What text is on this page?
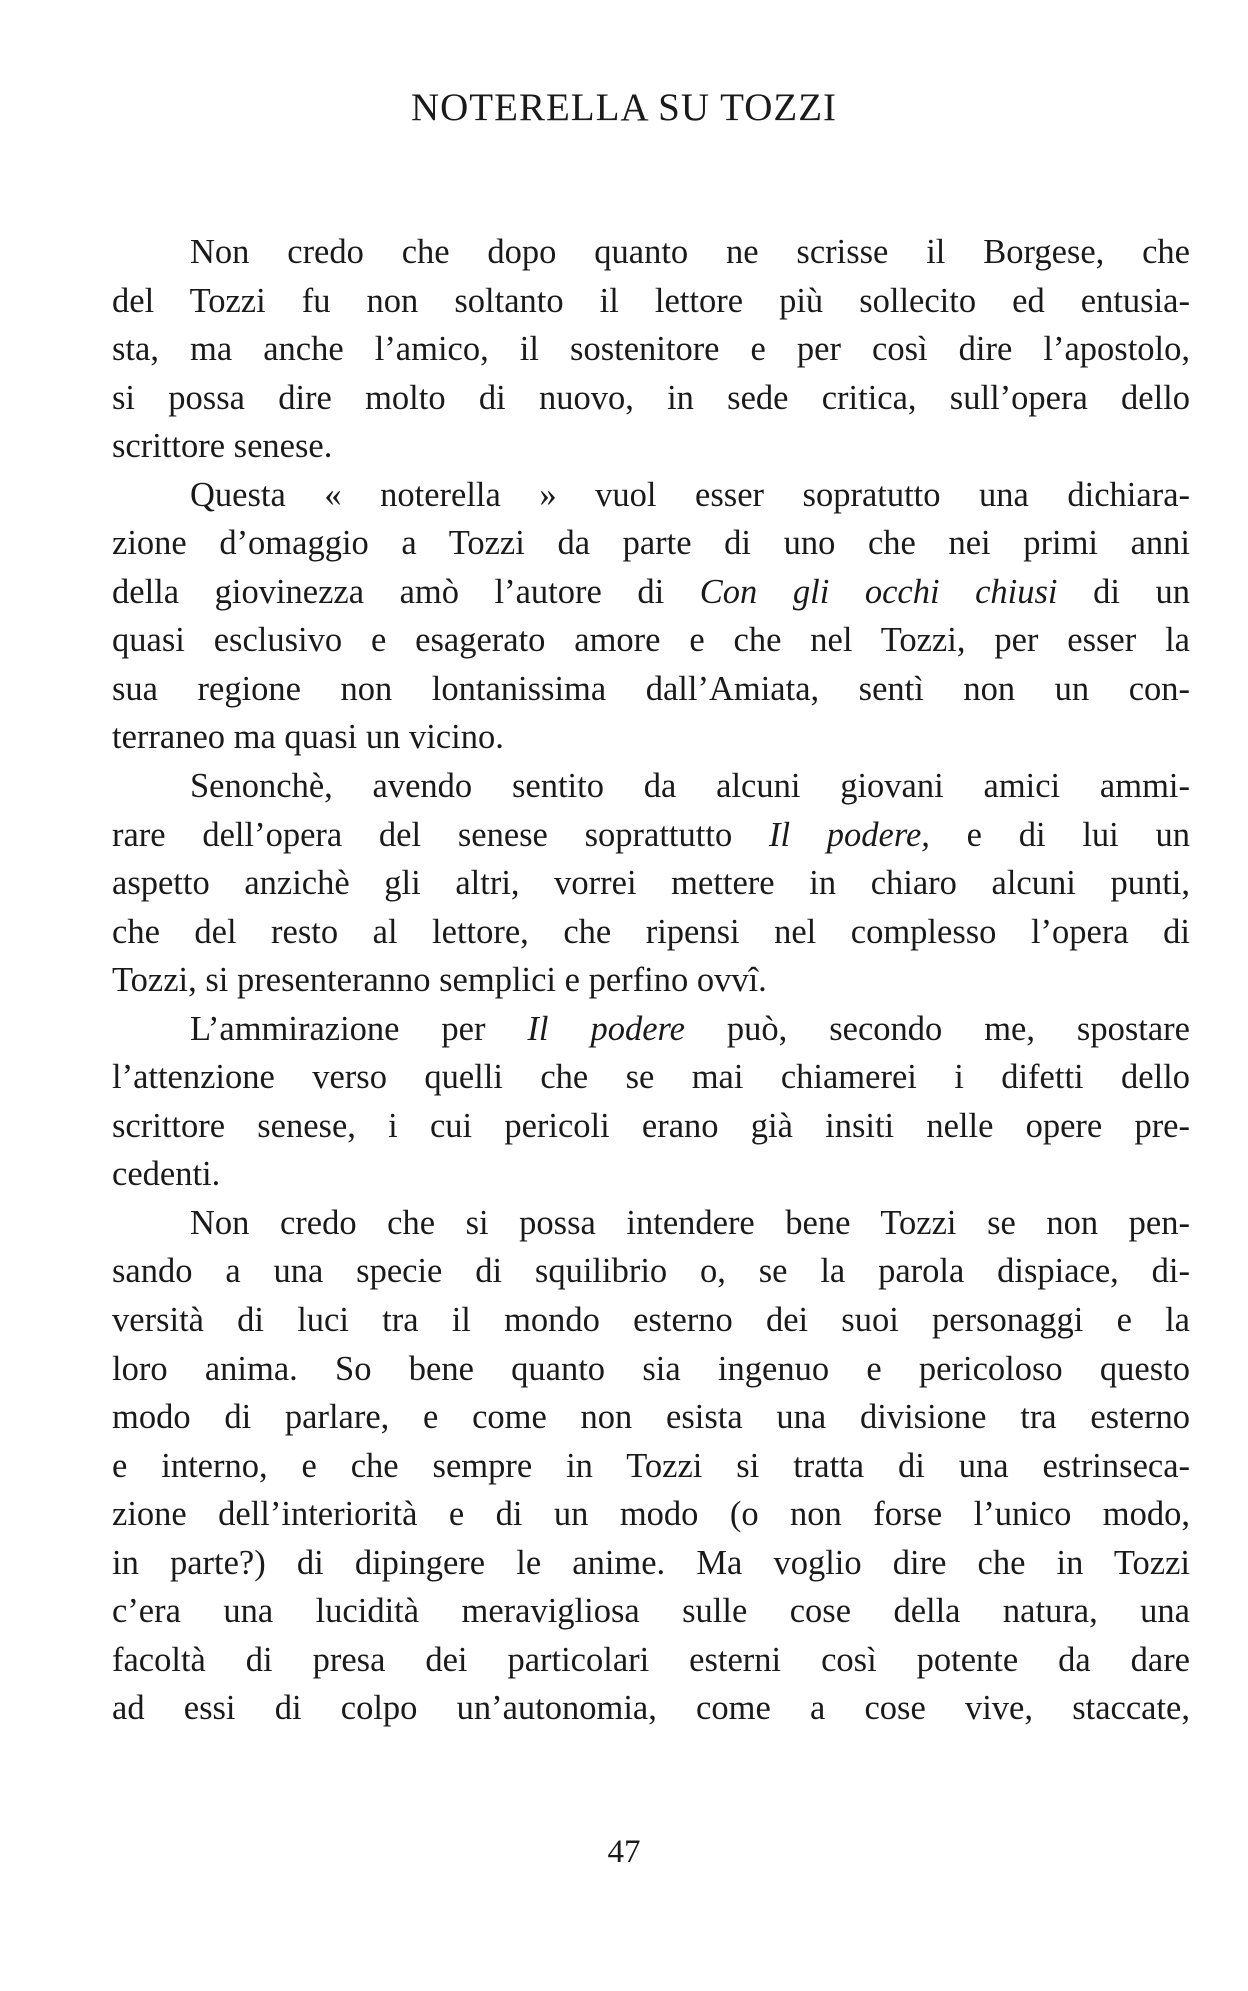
NOTERELLA SU TOZZI
Non credo che dopo quanto ne scrisse il Borgese, che
del Tozzi fu non soltanto il lettore più sollecito ed entusia-
sta, ma anche l’amico, il sostenitore e per così dire l’apostolo,
si possa dire molto di nuovo, in sede critica, sull’opera dello
scrittore senese.
Questa « noterella » vuol esser sopratutto una dichiara-
zione d’omaggio a Tozzi da parte di uno che nei primi anni
della giovinezza amò l’autore di Con gli occhi chiusi di un
quasi esclusivo e esagerato amore e che nel Tozzi, per esser la
sua regione non lontanissima dall’Amiata, sentì non un con-
terraneo ma quasi un vicino.
Senonchè, avendo sentito da alcuni giovani amici ammi-
rare dell’opera del senese soprattutto Il podere, e di lui un
aspetto anzichè gli altri, vorrei mettere in chiaro alcuni punti,
che del resto al lettore, che ripensi nel complesso l’opera di
Tozzi, si presenteranno semplici e perfino ovvî.
L’ammirazione per Il podere può, secondo me, spostare
l’attenzione verso quelli che se mai chiamerei i difetti dello
scrittore senese, i cui pericoli erano già insiti nelle opere pre-
cedenti.
Non credo che si possa intendere bene Tozzi se non pen-
sando a una specie di squilibrio o, se la parola dispiace, di-
versità di luci tra il mondo esterno dei suoi personaggi e la
loro anima. So bene quanto sia ingenuo e pericoloso questo
modo di parlare, e come non esista una divisione tra esterno
e interno, e che sempre in Tozzi si tratta di una estrinseca-
zione dell’interiorità e di un modo (o non forse l’unico modo,
in parte?) di dipingere le anime. Ma voglio dire che in Tozzi
c’era una lucidità meravigliosa sulle cose della natura, una
facoltà di presa dei particolari esterni così potente da dare
ad essi di colpo un’autonomia, come a cose vive, staccate,
47
